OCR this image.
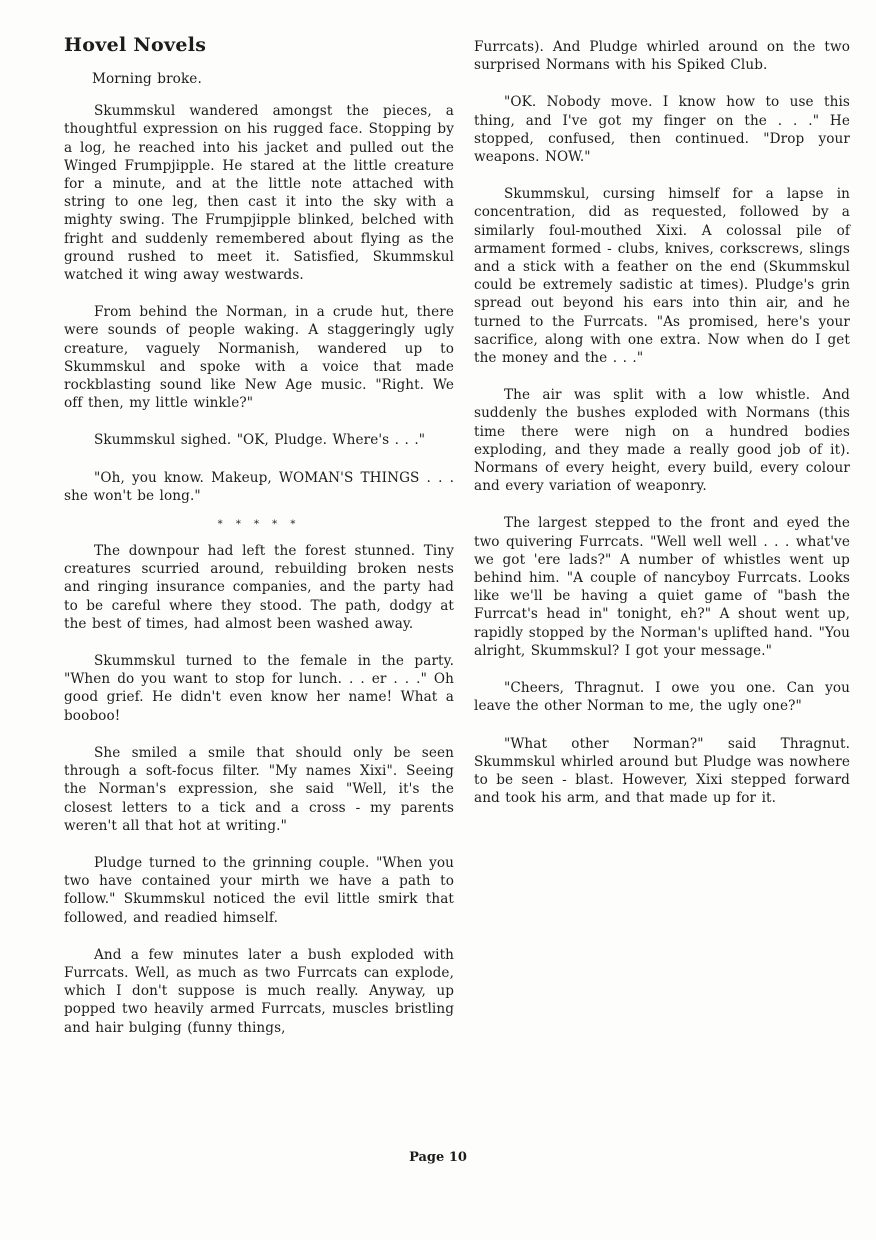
Hovel Novels

Morning broke.

Skummskul wandered amongst the pieces, a thoughtful expression on his rugged face. Stopping by a log, he reached into his jacket and pulled out the Winged Frumpjipple. He stared at the little creature for a minute, and at the little note attached with string to one leg, then cast it into the sky with a mighty swing. The Frumpjipple blinked, belched with fright and suddenly remembered about flying as the ground rushed to meet it. Satisfied, Skummskul watched it wing away westwards.

From behind the Norman, in a crude hut, there were sounds of people waking. A staggeringly ugly creature, vaguely Normanish, wandered up to Skummskul and spoke with a voice that made rockblasting sound like New Age music. "Right. We off then, my little winkle?"

Skummskul sighed. "OK, Pludge. Where's . . ."

"Oh, you know. Makeup, WOMAN'S THINGS . . . she won't be long."

* * * * *

The downpour had left the forest stunned. Tiny creatures scurried around, rebuilding broken nests and ringing insurance companies, and the party had to be careful where they stood. The path, dodgy at the best of times, had almost been washed away.

Skummskul turned to the female in the party. "When do you want to stop for lunch. . . er . . ." Oh good grief. He didn't even know her name! What a booboo!

She smiled a smile that should only be seen through a soft-focus filter. "My names Xixi". Seeing the Norman's expression, she said "Well, it's the closest letters to a tick and a cross - my parents weren't all that hot at writing."

Pludge turned to the grinning couple. "When you two have contained your mirth we have a path to follow." Skummskul noticed the evil little smirk that followed, and readied himself.

And a few minutes later a bush exploded with Furrcats. Well, as much as two Furrcats can explode, which I don't suppose is much really. Anyway, up popped two heavily armed Furrcats, muscles bristling and hair bulging (funny things,

Furrcats). And Pludge whirled around on the two surprised Normans with his Spiked Club.

"OK. Nobody move. I know how to use this thing, and I've got my finger on the . . ." He stopped, confused, then continued. "Drop your weapons. NOW."

Skummskul, cursing himself for a lapse in concentration, did as requested, followed by a similarly foul-mouthed Xixi. A colossal pile of armament formed - clubs, knives, corkscrews, slings and a stick with a feather on the end (Skummskul could be extremely sadistic at times). Pludge's grin spread out beyond his ears into thin air, and he turned to the Furrcats. "As promised, here's your sacrifice, along with one extra. Now when do I get the money and the . . ."

The air was split with a low whistle. And suddenly the bushes exploded with Normans (this time there were nigh on a hundred bodies exploding, and they made a really good job of it). Normans of every height, every build, every colour and every variation of weaponry.

The largest stepped to the front and eyed the two quivering Furrcats. "Well well well . . . what've we got 'ere lads?" A number of whistles went up behind him. "A couple of nancyboy Furrcats. Looks like we'll be having a quiet game of "bash the Furrcat's head in" tonight, eh?" A shout went up, rapidly stopped by the Norman's uplifted hand. "You alright, Skummskul? I got your message."

"Cheers, Thragnut. I owe you one. Can you leave the other Norman to me, the ugly one?"

"What other Norman?" said Thragnut. Skummskul whirled around but Pludge was nowhere to be seen - blast. However, Xixi stepped forward and took his arm, and that made up for it.

Page 10
